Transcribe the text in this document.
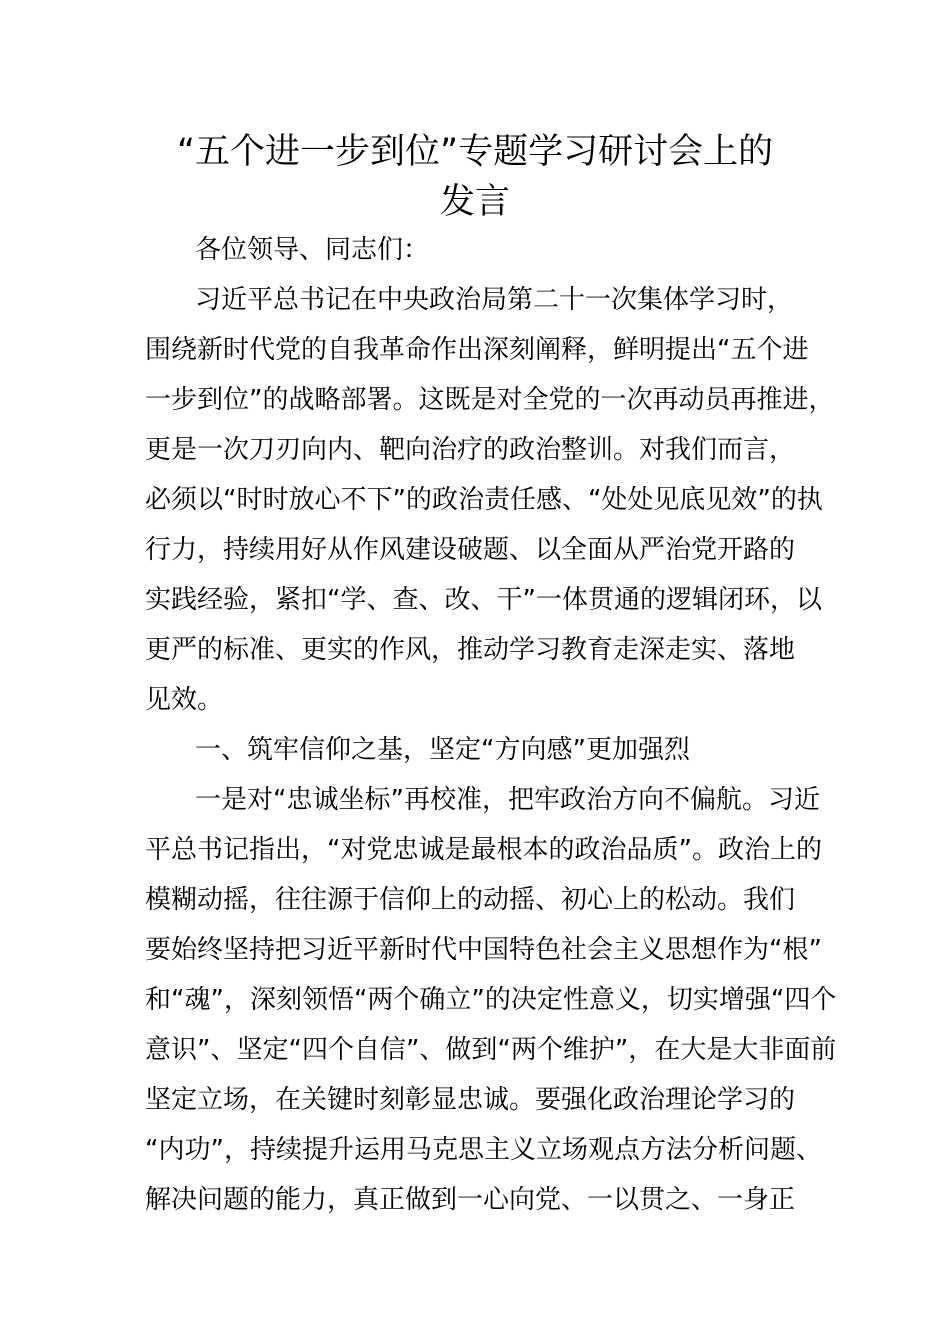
“五个进一步到位”专题学习研讨会上的
发言
各位领导、同志们：
习近平总书记在中央政治局第二十一次集体学习时，
围绕新时代党的自我革命作出深刻阐释，鲜明提出“五个进
一步到位”的战略部署。这既是对全党的一次再动员再推进，
更是一次刀刃向内、靶向治疗的政治整训。对我们而言，
必须以“时时放心不下”的政治责任感、“处处见底见效”的执
行力，持续用好从作风建设破题、以全面从严治党开路的
实践经验，紧扣“学、查、改、干”一体贯通的逻辑闭环，以
更严的标准、更实的作风，推动学习教育走深走实、落地
见效。
一、筑牢信仰之基，坚定“方向感”更加强烈
一是对“忠诚坐标”再校准，把牢政治方向不偏航。习近
平总书记指出，“对党忠诚是最根本的政治品质”。政治上的
模糊动摇，往往源于信仰上的动摇、初心上的松动。我们
要始终坚持把习近平新时代中国特色社会主义思想作为“根”
和“魂”，深刻领悟“两个确立”的决定性意义，切实增强“四个
意识”、坚定“四个自信”、做到“两个维护”，在大是大非面前
坚定立场，在关键时刻彰显忠诚。要强化政治理论学习的
“内功”，持续提升运用马克思主义立场观点方法分析问题、
解决问题的能力，真正做到一心向党、一以贯之、一身正
